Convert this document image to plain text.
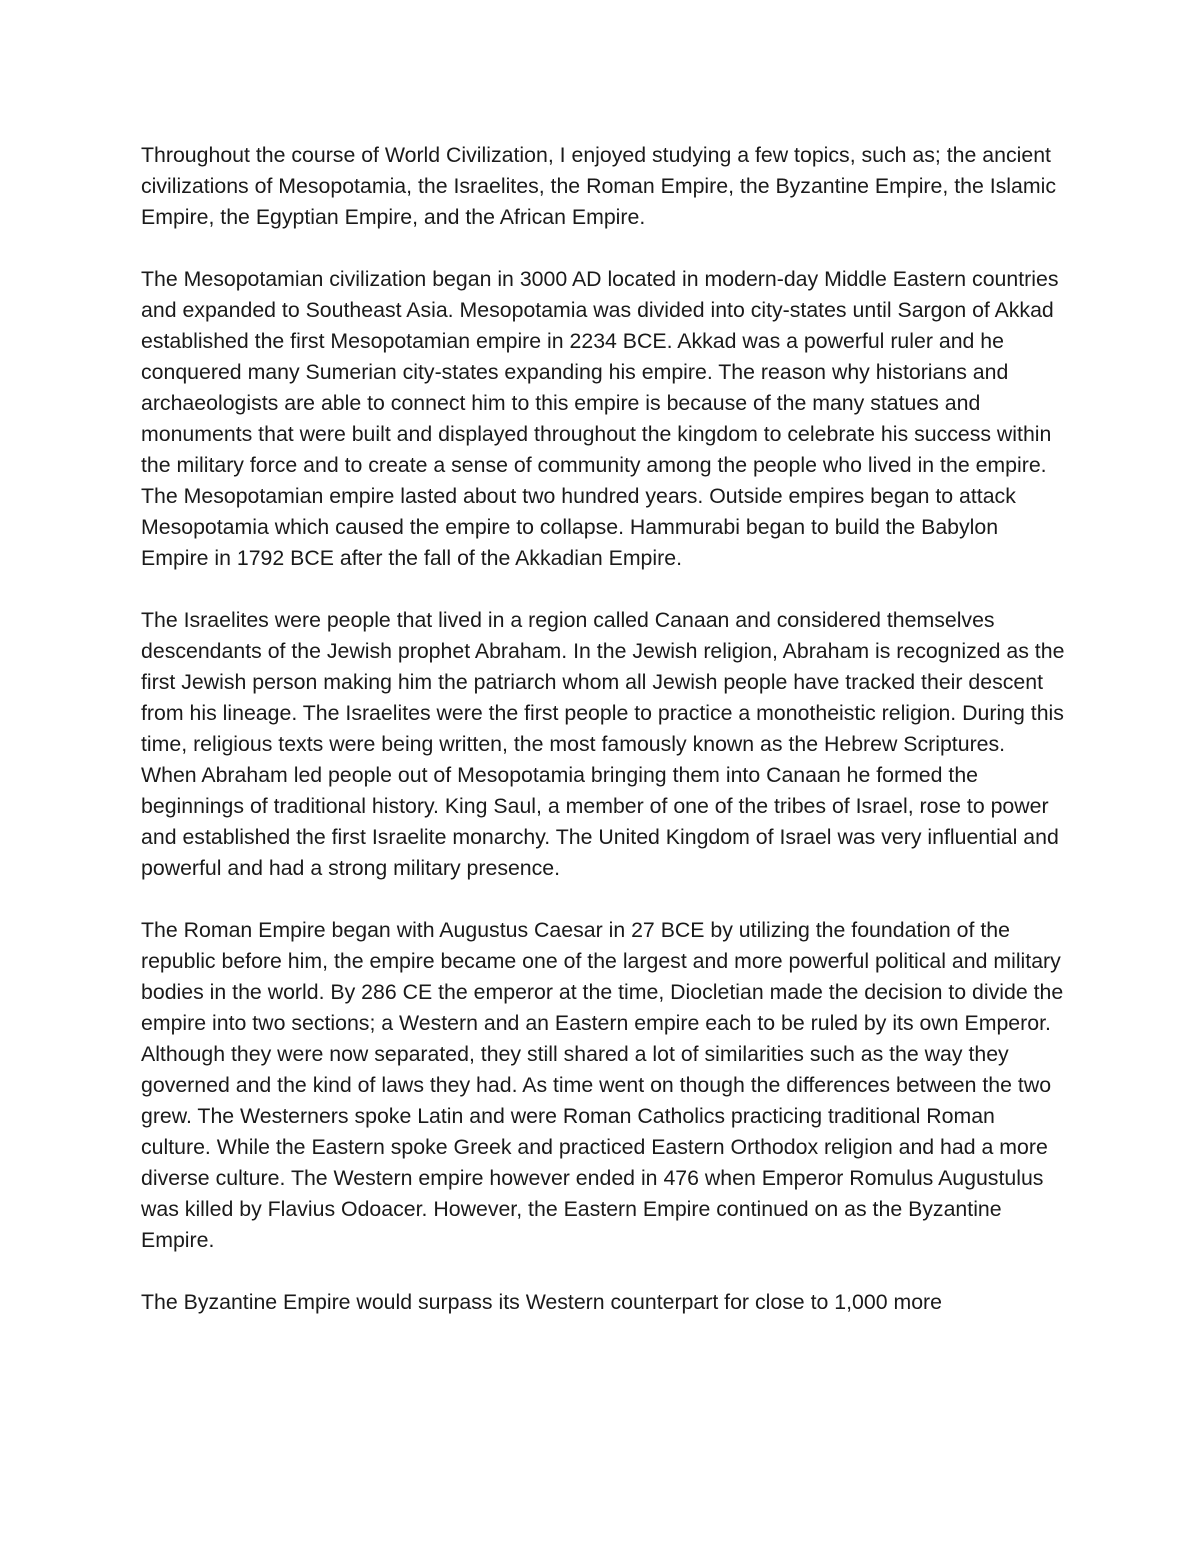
Throughout the course of World Civilization, I enjoyed studying a few topics, such as; the ancient civilizations of Mesopotamia, the Israelites, the Roman Empire, the Byzantine Empire, the Islamic Empire, the Egyptian Empire, and the African Empire.

The Mesopotamian civilization began in 3000 AD located in modern-day Middle Eastern countries and expanded to Southeast Asia. Mesopotamia was divided into city-states until Sargon of Akkad established the first Mesopotamian empire in 2234 BCE. Akkad was a powerful ruler and he conquered many Sumerian city-states expanding his empire. The reason why historians and archaeologists are able to connect him to this empire is because of the many statues and monuments that were built and displayed throughout the kingdom to celebrate his success within the military force and to create a sense of community among the people who lived in the empire. The Mesopotamian empire lasted about two hundred years. Outside empires began to attack Mesopotamia which caused the empire to collapse. Hammurabi began to build the Babylon Empire in 1792 BCE after the fall of the Akkadian Empire.

The Israelites were people that lived in a region called Canaan and considered themselves descendants of the Jewish prophet Abraham. In the Jewish religion, Abraham is recognized as the first Jewish person making him the patriarch whom all Jewish people have tracked their descent from his lineage. The Israelites were the first people to practice a monotheistic religion. During this time, religious texts were being written, the most famously known as the Hebrew Scriptures. When Abraham led people out of Mesopotamia bringing them into Canaan he formed the beginnings of traditional history. King Saul, a member of one of the tribes of Israel, rose to power and established the first Israelite monarchy. The United Kingdom of Israel was very influential and powerful and had a strong military presence.

The Roman Empire began with Augustus Caesar in 27 BCE by utilizing the foundation of the republic before him, the empire became one of the largest and more powerful political and military bodies in the world. By 286 CE the emperor at the time, Diocletian made the decision to divide the empire into two sections; a Western and an Eastern empire each to be ruled by its own Emperor. Although they were now separated, they still shared a lot of similarities such as the way they governed and the kind of laws they had. As time went on though the differences between the two grew. The Westerners spoke Latin and were Roman Catholics practicing traditional Roman culture. While the Eastern spoke Greek and practiced Eastern Orthodox religion and had a more diverse culture. The Western empire however ended in 476 when Emperor Romulus Augustulus was killed by Flavius Odoacer. However, the Eastern Empire continued on as the Byzantine Empire.

The Byzantine Empire would surpass its Western counterpart for close to 1,000 more
